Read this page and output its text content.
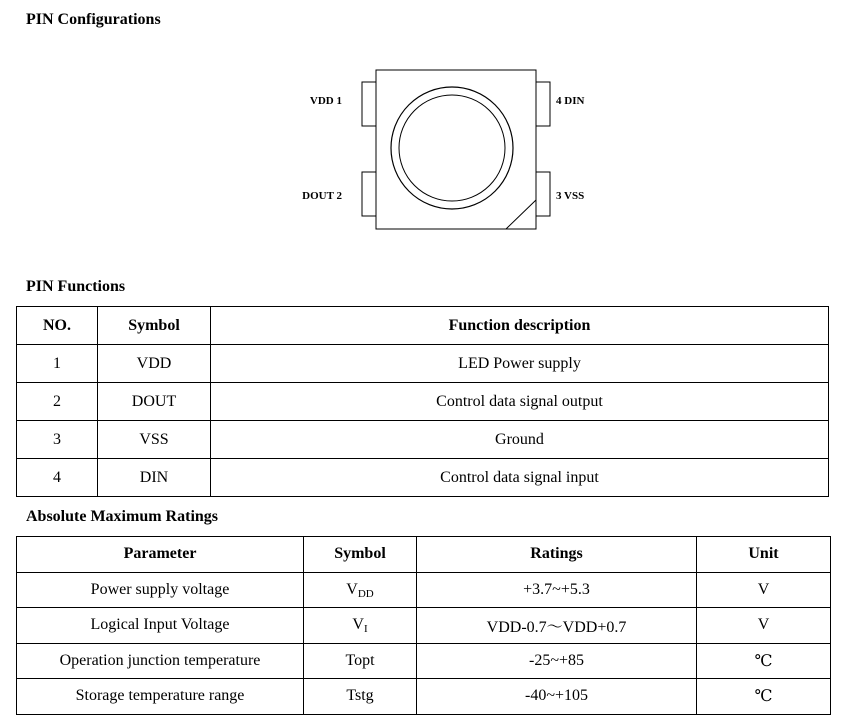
PIN Configurations
VDD 1
DOUT 2
4 DIN
3 VSS
PIN Functions
NO.	Symbol	Function description
1	VDD	LED Power supply
2	DOUT	Control data signal output
3	VSS	Ground
4	DIN	Control data signal input
Absolute Maximum Ratings
Parameter	Symbol	Ratings	Unit
Power supply voltage	$V_{DD}$	+3.7~+5.3	V
Logical Input Voltage	$V_I$	VDD-0.7～VDD+0.7	V
Operation junction temperature	Topt	-25~+85	℃
Storage temperature range	Tstg	-40~+105	℃
